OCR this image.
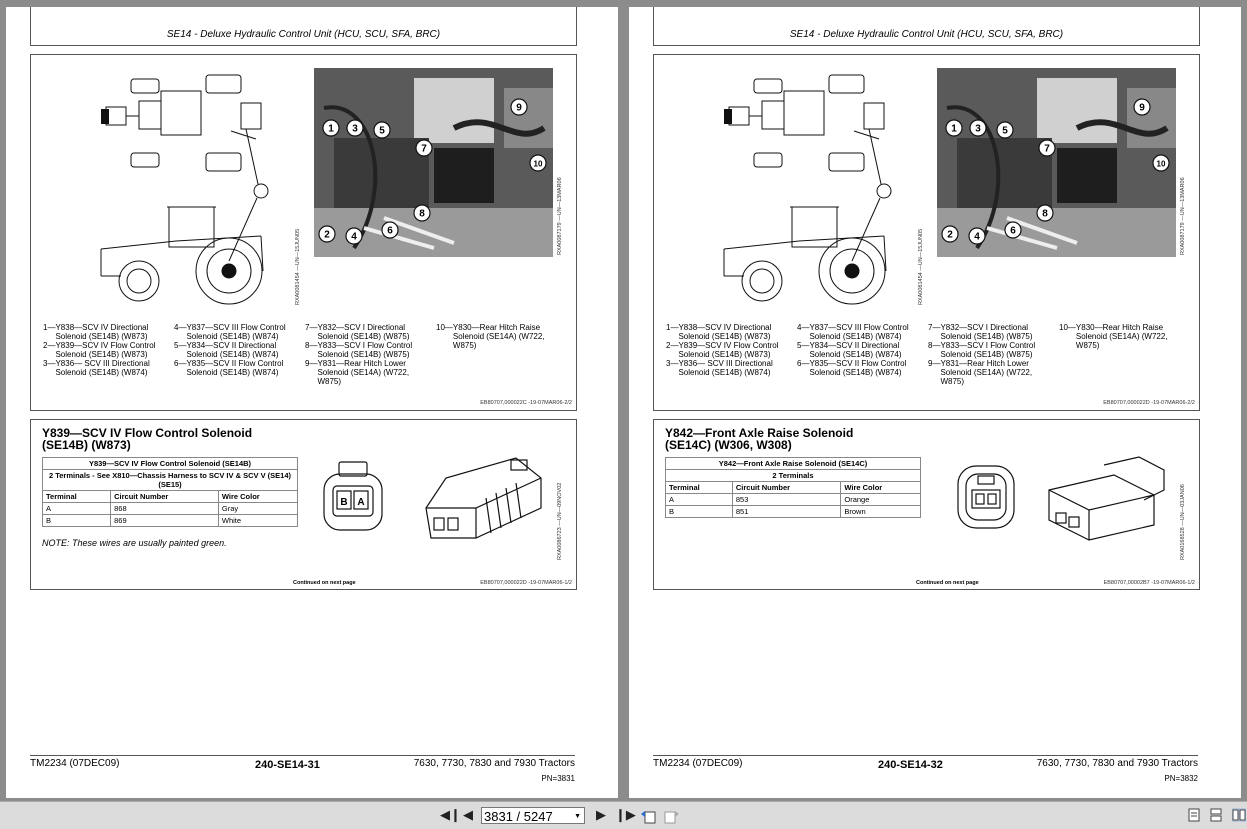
SE14 - Deluxe Hydraulic Control Unit (HCU, SCU, SFA, BRC)
RXA0081454 —UN—15JUN05
1
2
3
4
5
6
7
8
9
10
RXA0087179 —UN—13MAR06
1— Y838—SCV IV Directional Solenoid (SE14B) (W873)
2— Y839—SCV IV Flow Control Solenoid (SE14B) (W873)
3— Y836— SCV III Directional Solenoid (SE14B) (W874)
4— Y837—SCV III Flow Control Solenoid (SE14B) (W874)
5— Y834—SCV II Directional Solenoid (SE14B) (W874)
6— Y835—SCV II Flow Control Solenoid (SE14B) (W874)
7— Y832—SCV I Directional Solenoid (SE14B) (W875)
8— Y833—SCV I Flow Control Solenoid (SE14B) (W875)
9— Y831—Rear Hitch Lower Solenoid (SE14A) (W722, W875)
10— Y830—Rear Hitch Raise Solenoid (SE14A) (W722, W875)
EB80707,000022C -19-07MAR06-2/2
Y839—SCV IV Flow Control Solenoid
(SE14B) (W873)
Y839—SCV IV Flow Control Solenoid (SE14B)		
2 Terminals - See X810—Chassis Harness to SCV IV & SCV V (SE14) (SE15)		
Terminal	Circuit Number	Wire Color
A	868	Gray
B	869	White
NOTE: These wires are usually painted green.
B A	RXA0086723 —UN—09NOV02
Continued on next page	EB80707,000022D -19-07MAR06-1/2
TM2234 (07DEC09)	240-SE14-31	7630, 7730, 7830 and 7930 Tractors
PN=3831
SE14 - Deluxe Hydraulic Control Unit (HCU, SCU, SFA, BRC)
RXA0081454 —UN—15JUN05
1
2
3
4
5
6
7
8
9
10
RXA0087179 —UN—13MAR06
1— Y838—SCV IV Directional Solenoid (SE14B) (W873)
2— Y839—SCV IV Flow Control Solenoid (SE14B) (W873)
3— Y836— SCV III Directional Solenoid (SE14B) (W874)
4— Y837—SCV III Flow Control Solenoid (SE14B) (W874)
5— Y834—SCV II Directional Solenoid (SE14B) (W874)
6— Y835—SCV II Flow Control Solenoid (SE14B) (W874)
7— Y832—SCV I Directional Solenoid (SE14B) (W875)
8— Y833—SCV I Flow Control Solenoid (SE14B) (W875)
9— Y831—Rear Hitch Lower Solenoid (SE14A) (W722, W875)
10— Y830—Rear Hitch Raise Solenoid (SE14A) (W722, W875)
EB80707,000022D -19-07MAR06-2/2
Y842—Front Axle Raise Solenoid
(SE14C) (W306, W308)
Y842—Front Axle Raise Solenoid (SE14C)		
2 Terminals		
Terminal	Circuit Number	Wire Color
A	853	Orange
B	851	Brown	RXA0168528 —UN—03JAN06
Continued on next page	EB80707,00002B7 -19-07MAR06-1/2
TM2234 (07DEC09)	240-SE14-32	7630, 7730, 7830 and 7930 Tractors
PN=3832
◀❙ ◀ 3831 / 5247	▼ ▶ ❙▶
